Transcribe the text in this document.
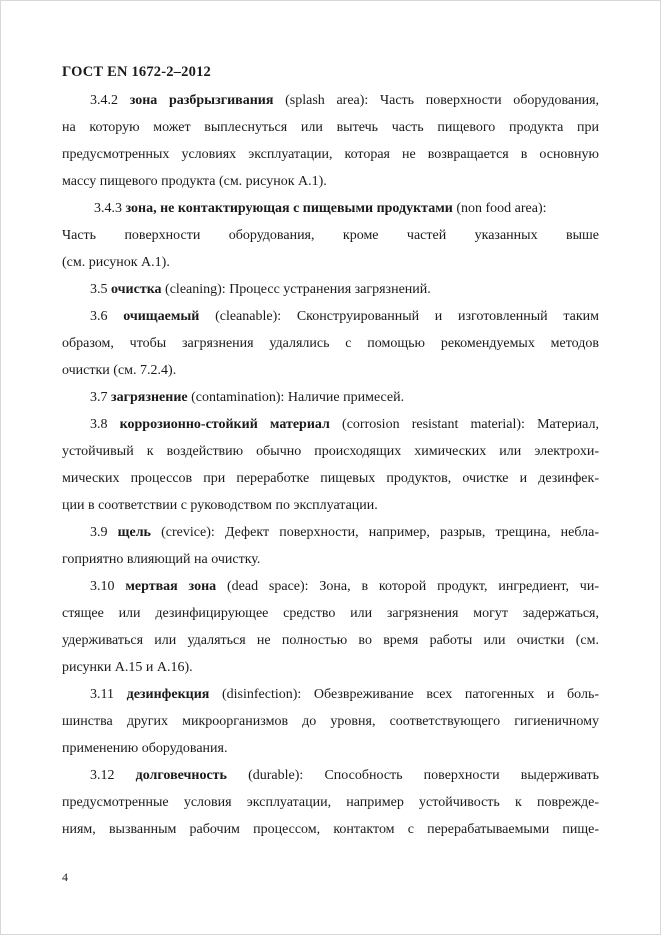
ГОСТ EN 1672-2–2012
3.4.2 зона разбрызгивания (splash area): Часть поверхности оборудования,
на которую может выплеснуться или вытечь часть пищевого продукта при
предусмотренных условиях эксплуатации, которая не возвращается в основную
массу пищевого продукта (см. рисунок А.1).
3.4.3 зона, не контактирующая с пищевыми продуктами (non food area):
Часть поверхности оборудования, кроме частей указанных выше
(см. рисунок А.1).
3.5 очистка (cleaning): Процесс устранения загрязнений.
3.6 очищаемый (cleanable): Сконструированный и изготовленный таким
образом, чтобы загрязнения удалялись с помощью рекомендуемых методов
очистки (см. 7.2.4).
3.7 загрязнение (contamination): Наличие примесей.
3.8 коррозионно-стойкий материал (corrosion resistant material): Материал,
устойчивый к воздействию обычно происходящих химических или электрохи-
мических процессов при переработке пищевых продуктов, очистке и дезинфек-
ции в соответствии с руководством по эксплуатации.
3.9 щель (crevice): Дефект поверхности, например, разрыв, трещина, небла-
гоприятно влияющий на очистку.
3.10 мертвая зона (dead space): Зона, в которой продукт, ингредиент, чи-
стящее или дезинфицирующее средство или загрязнения могут задержаться,
удерживаться или удаляться не полностью во время работы или очистки (см.
рисунки А.15 и А.16).
3.11 дезинфекция (disinfection): Обезвреживание всех патогенных и боль-
шинства других микроорганизмов до уровня, соответствующего гигиеничному
применению оборудования.
3.12 долговечность (durable): Способность поверхности выдерживать
предусмотренные условия эксплуатации, например устойчивость к поврежде-
ниям, вызванным рабочим процессом, контактом с перерабатываемыми пище-
4
